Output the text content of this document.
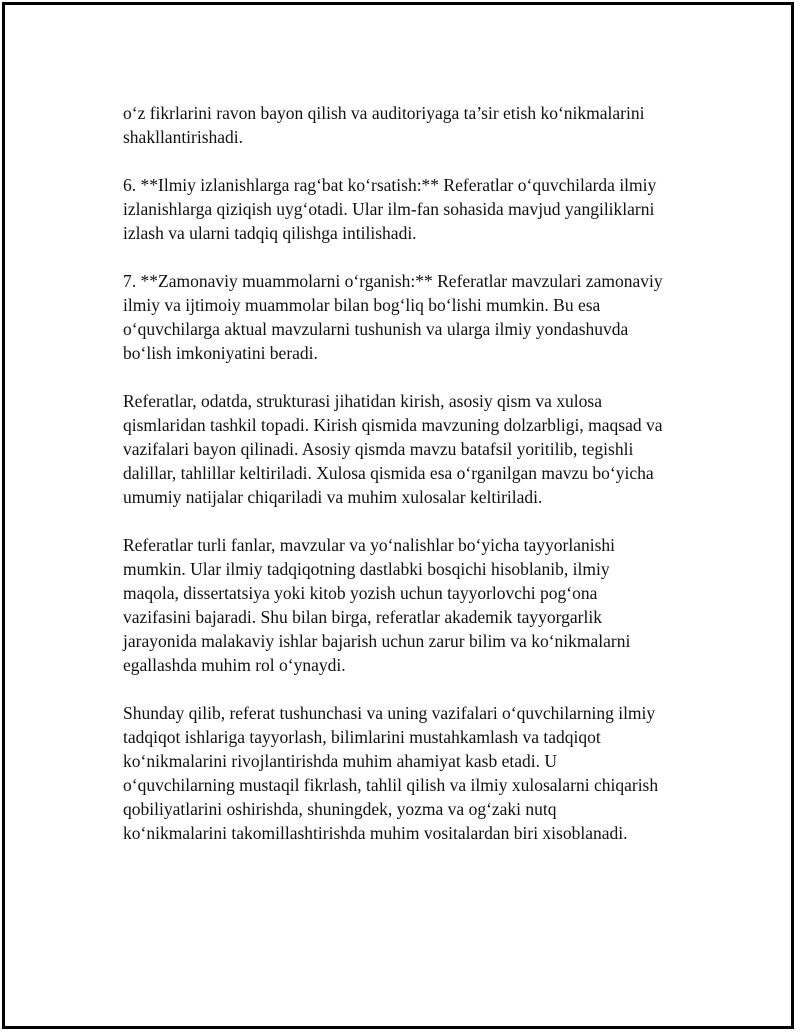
o‘z fikrlarini ravon bayon qilish va auditoriyaga ta’sir etish ko‘nikmalarini
shakllantirishadi.

6. **Ilmiy izlanishlarga rag‘bat ko‘rsatish:** Referatlar o‘quvchilarda ilmiy
izlanishlarga qiziqish uyg‘otadi. Ular ilm-fan sohasida mavjud yangiliklarni
izlash va ularni tadqiq qilishga intilishadi.

7. **Zamonaviy muammolarni o‘rganish:** Referatlar mavzulari zamonaviy
ilmiy va ijtimoiy muammolar bilan bog‘liq bo‘lishi mumkin. Bu esa
o‘quvchilarga aktual mavzularni tushunish va ularga ilmiy yondashuvda
bo‘lish imkoniyatini beradi.

Referatlar, odatda, strukturasi jihatidan kirish, asosiy qism va xulosa
qismlaridan tashkil topadi. Kirish qismida mavzuning dolzarbligi, maqsad va
vazifalari bayon qilinadi. Asosiy qismda mavzu batafsil yoritilib, tegishli
dalillar, tahlillar keltiriladi. Xulosa qismida esa o‘rganilgan mavzu bo‘yicha
umumiy natijalar chiqariladi va muhim xulosalar keltiriladi.

Referatlar turli fanlar, mavzular va yo‘nalishlar bo‘yicha tayyorlanishi
mumkin. Ular ilmiy tadqiqotning dastlabki bosqichi hisoblanib, ilmiy
maqola, dissertatsiya yoki kitob yozish uchun tayyorlovchi pog‘ona
vazifasini bajaradi. Shu bilan birga, referatlar akademik tayyorgarlik
jarayonida malakaviy ishlar bajarish uchun zarur bilim va ko‘nikmalarni
egallashda muhim rol o‘ynaydi.

Shunday qilib, referat tushunchasi va uning vazifalari o‘quvchilarning ilmiy
tadqiqot ishlariga tayyorlash, bilimlarini mustahkamlash va tadqiqot
ko‘nikmalarini rivojlantirishda muhim ahamiyat kasb etadi. U
o‘quvchilarning mustaqil fikrlash, tahlil qilish va ilmiy xulosalarni chiqarish
qobiliyatlarini oshirishda, shuningdek, yozma va og‘zaki nutq
ko‘nikmalarini takomillashtirishda muhim vositalardan biri xisoblanadi.
